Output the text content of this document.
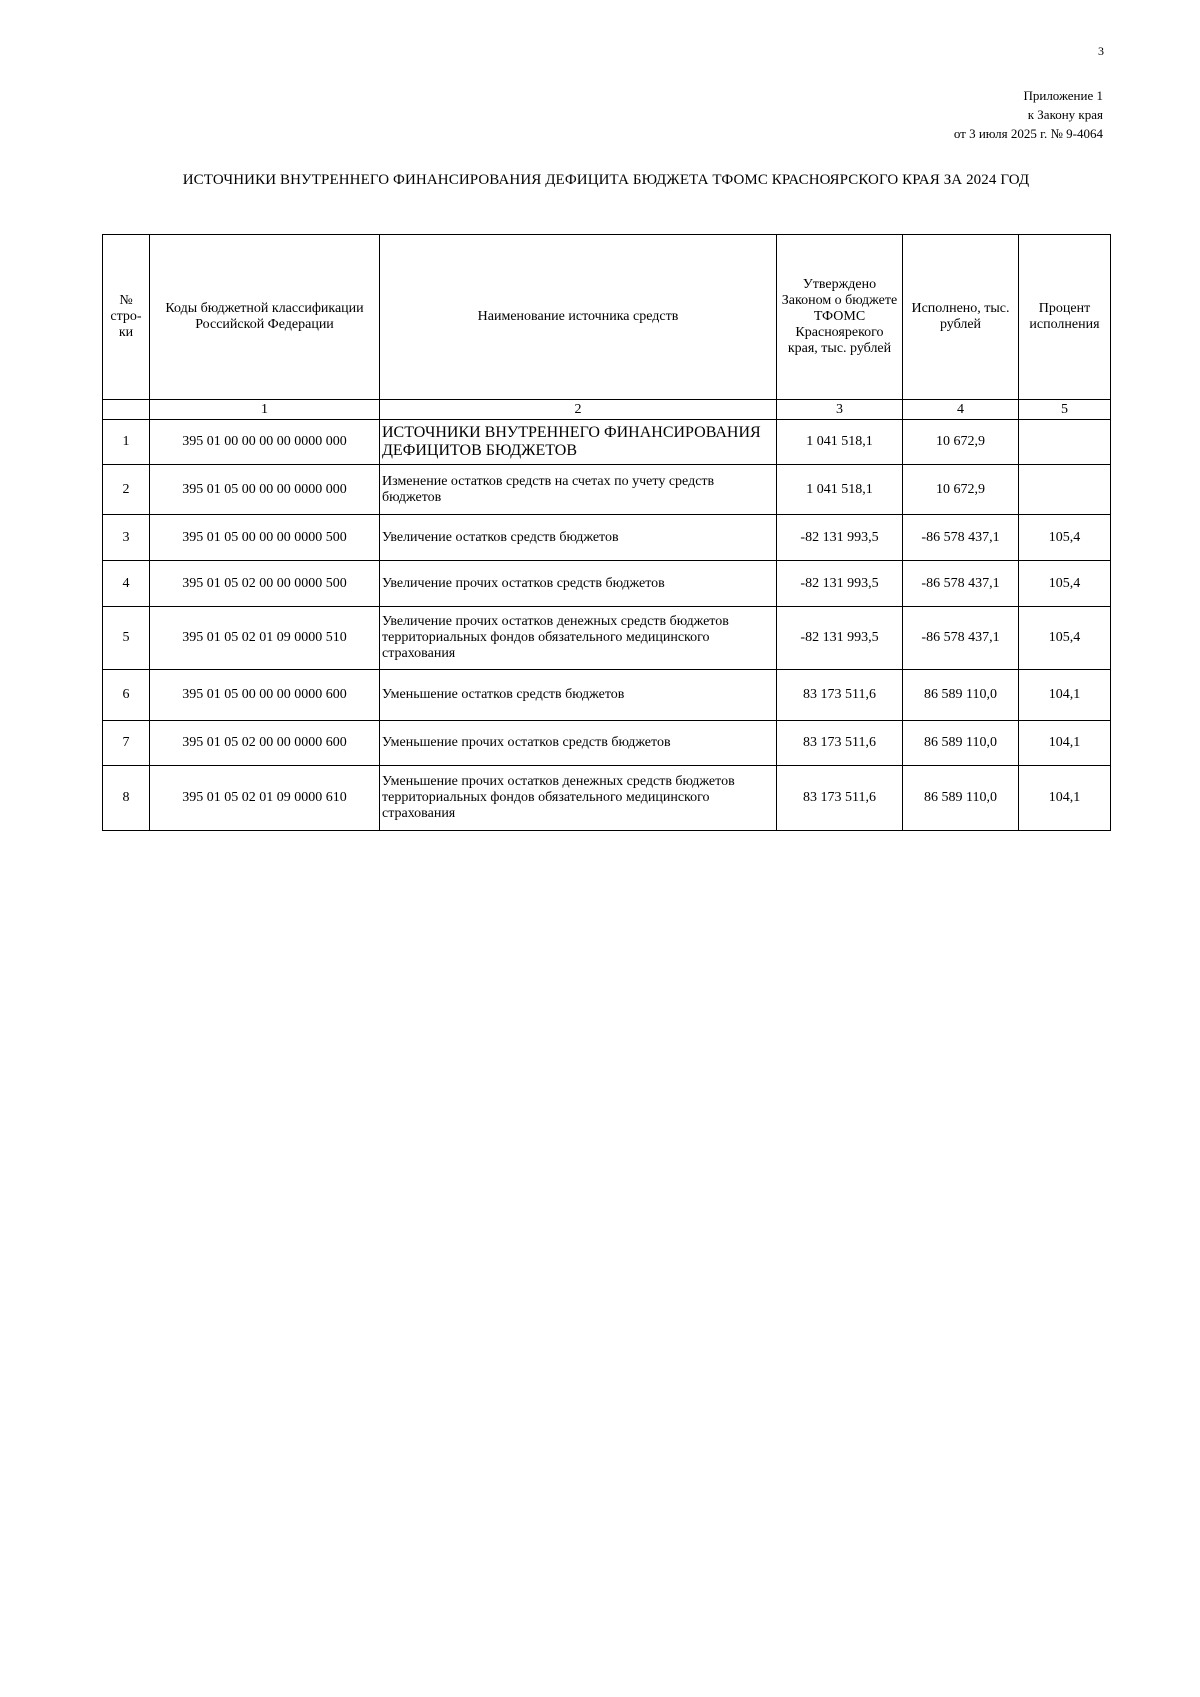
3
Приложение 1
к Закону края
от 3 июля 2025 г. № 9-4064
ИСТОЧНИКИ ВНУТРЕННЕГО ФИНАНСИРОВАНИЯ ДЕФИЦИТА БЮДЖЕТА ТФОМС КРАСНОЯРСКОГО КРАЯ ЗА 2024 ГОД
№ стро-ки	Коды бюджетной классификации Российской Федерации	Наименование источника средств	Утверждено Законом о бюджете ТФОМС Красноярекого края, тыс. рублей	Исполнено, тыс. рублей	Процент исполнения
	1	2	3	4	5
1	395 01 00 00 00 00 0000 000	ИСТОЧНИКИ ВНУТРЕННЕГО ФИНАНСИРОВАНИЯ ДЕФИЦИТОВ БЮДЖЕТОВ	1 041 518,1	10 672,9	
2	395 01 05 00 00 00 0000 000	Изменение остатков средств на счетах по учету средств бюджетов	1 041 518,1	10 672,9	
3	395 01 05 00 00 00 0000 500	Увеличение остатков средств бюджетов	-82 131 993,5	-86 578 437,1	105,4
4	395 01 05 02 00 00 0000 500	Увеличение прочих остатков средств бюджетов	-82 131 993,5	-86 578 437,1	105,4
5	395 01 05 02 01 09 0000 510	Увеличение прочих остатков денежных средств бюджетов территориальных фондов обязательного медицинского страхования	-82 131 993,5	-86 578 437,1	105,4
6	395 01 05 00 00 00 0000 600	Уменьшение остатков средств бюджетов	83 173 511,6	86 589 110,0	104,1
7	395 01 05 02 00 00 0000 600	Уменьшение прочих остатков средств бюджетов	83 173 511,6	86 589 110,0	104,1
8	395 01 05 02 01 09 0000 610	Уменьшение прочих остатков денежных средств бюджетов территориальных фондов обязательного медицинского страхования	83 173 511,6	86 589 110,0	104,1
